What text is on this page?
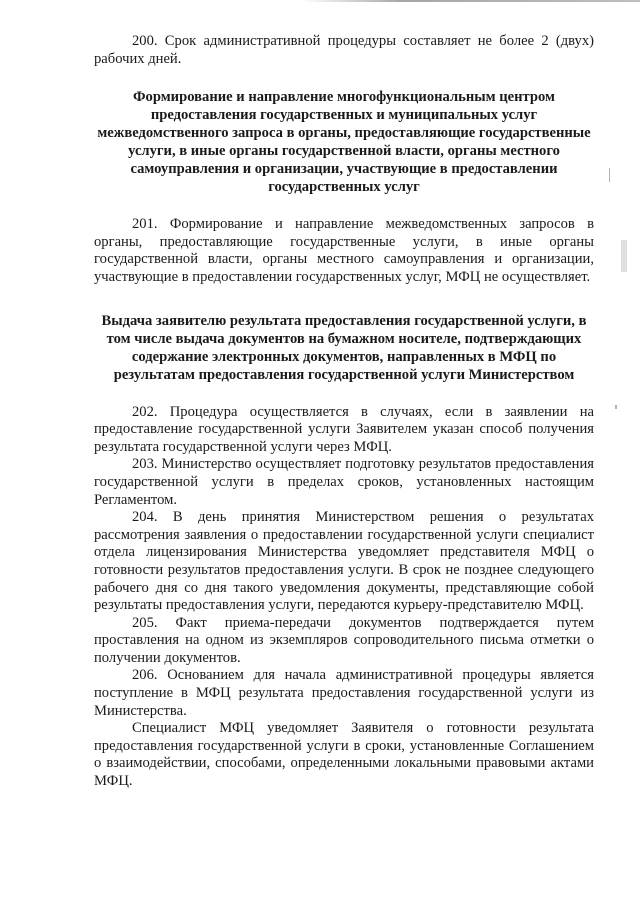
200. Срок административной процедуры составляет не более 2 (двух) рабочих дней.

Формирование и направление многофункциональным центром предоставления государственных и муниципальных услуг межведомственного запроса в органы, предоставляющие государственные услуги, в иные органы государственной власти, органы местного самоуправления и организации, участвующие в предоставлении государственных услуг

201. Формирование и направление межведомственных запросов в органы, предоставляющие государственные услуги, в иные органы государственной власти, органы местного самоуправления и организации, участвующие в предоставлении государственных услуг, МФЦ не осуществляет.

Выдача заявителю результата предоставления государственной услуги, в том числе выдача документов на бумажном носителе, подтверждающих содержание электронных документов, направленных в МФЦ по результатам предоставления государственной услуги Министерством

202. Процедура осуществляется в случаях, если в заявлении на предоставление государственной услуги Заявителем указан способ получения результата государственной услуги через МФЦ.

203. Министерство осуществляет подготовку результатов предоставления государственной услуги в пределах сроков, установленных настоящим Регламентом.

204. В день принятия Министерством решения о результатах рассмотрения заявления о предоставлении государственной услуги специалист отдела лицензирования Министерства уведомляет представителя МФЦ о готовности результатов предоставления услуги. В срок не позднее следующего рабочего дня со дня такого уведомления документы, представляющие собой результаты предоставления услуги, передаются курьеру-представителю МФЦ.

205. Факт приема-передачи документов подтверждается путем проставления на одном из экземпляров сопроводительного письма отметки о получении документов.

206. Основанием для начала административной процедуры является поступление в МФЦ результата предоставления государственной услуги из Министерства.

Специалист МФЦ уведомляет Заявителя о готовности результата предоставления государственной услуги в сроки, установленные Соглашением о взаимодействии, способами, определенными локальными правовыми актами МФЦ.
